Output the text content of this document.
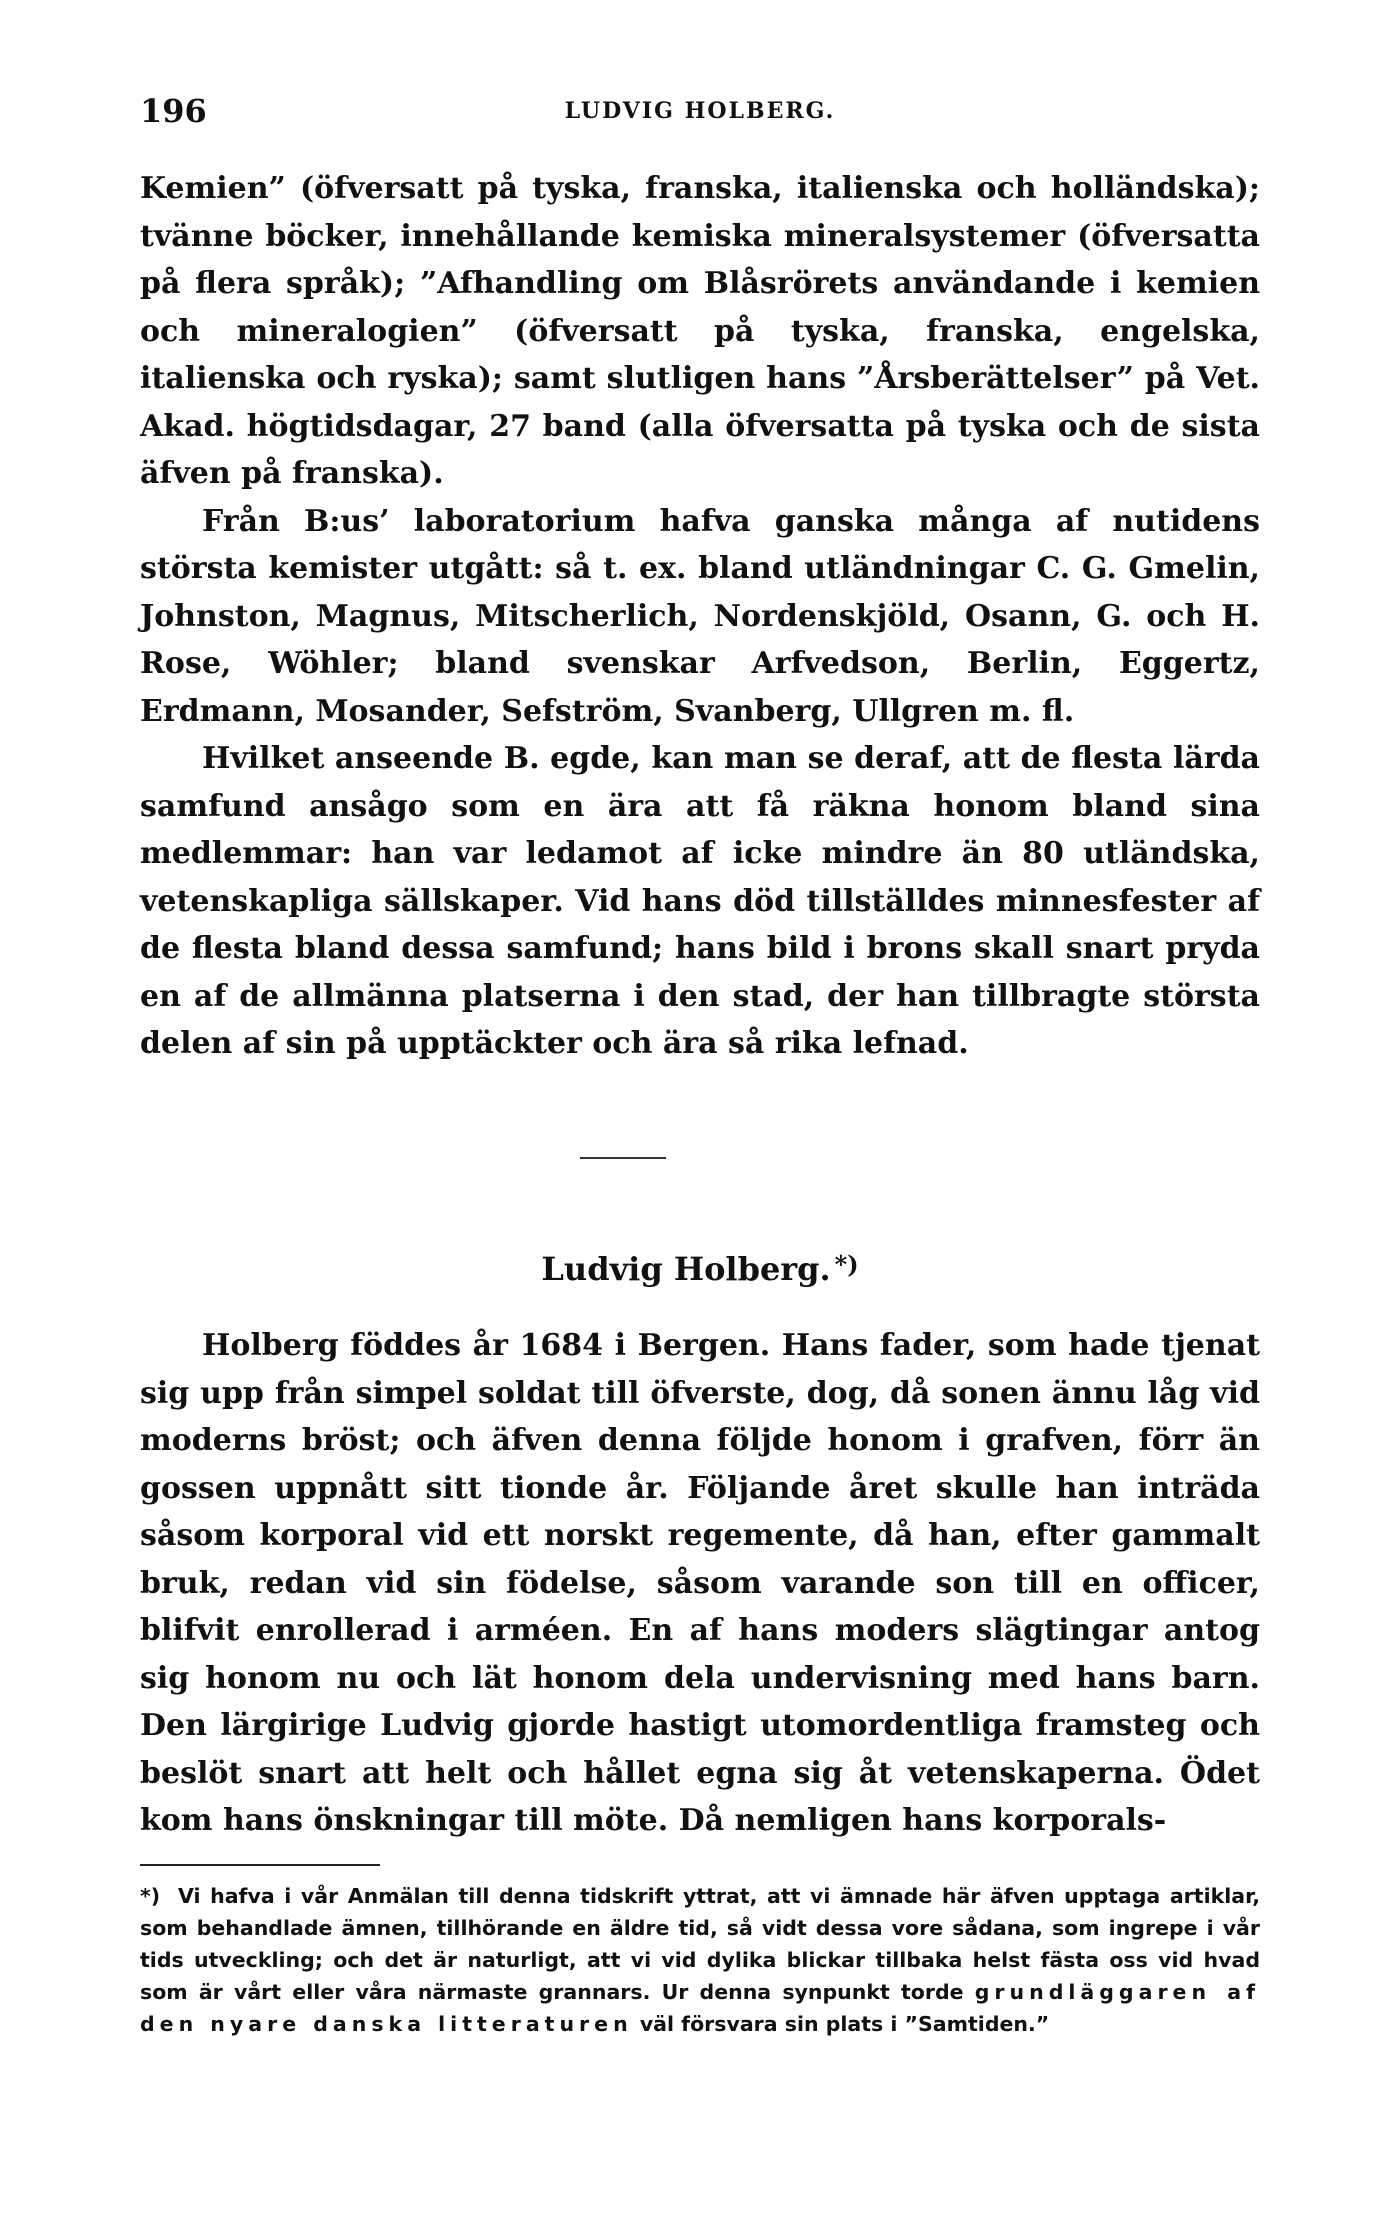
196	LUDVIG HOLBERG.

Kemien” (öfversatt på tyska, franska, italienska och holländska); tvänne böcker, innehållande kemiska mineralsystemer (öfversatta på flera språk); ”Afhandling om Blåsrörets användande i kemien och mineralogien” (öfversatt på tyska, franska, engelska, italienska och ryska); samt slutligen hans ”Årsberättelser” på Vet. Akad. högtidsdagar, 27 band (alla öfversatta på tyska och de sista äfven på franska).

Från B:us’ laboratorium hafva ganska många af nutidens största kemister utgått: så t. ex. bland utländningar C. G. Gmelin, Johnston, Magnus, Mitscherlich, Nordenskjöld, Osann, G. och H. Rose, Wöhler; bland svenskar Arfvedson, Berlin, Eggertz, Erdmann, Mosander, Sefström, Svanberg, Ullgren m. fl.

Hvilket anseende B. egde, kan man se deraf, att de flesta lärda samfund ansågo som en ära att få räkna honom bland sina medlemmar: han var ledamot af icke mindre än 80 utländska, vetenskapliga sällskaper. Vid hans död tillställdes minnesfester af de flesta bland dessa samfund; hans bild i brons skall snart pryda en af de allmänna platserna i den stad, der han tillbragte största delen af sin på upptäckter och ära så rika lefnad.

Ludvig Holberg. *)

Holberg föddes år 1684 i Bergen. Hans fader, som hade tjenat sig upp från simpel soldat till öfverste, dog, då sonen ännu låg vid moderns bröst; och äfven denna följde honom i grafven, förr än gossen uppnått sitt tionde år. Följande året skulle han inträda såsom korporal vid ett norskt regemente, då han, efter gammalt bruk, redan vid sin födelse, såsom varande son till en officer, blifvit enrollerad i arméen. En af hans moders slägtingar antog sig honom nu och lät honom dela undervisning med hans barn. Den lärgirige Ludvig gjorde hastigt utomordentliga framsteg och beslöt snart att helt och hållet egna sig åt vetenskaperna. Ödet kom hans önskningar till möte. Då nemligen hans korporals-

*) Vi hafva i vår Anmälan till denna tidskrift yttrat, att vi ämnade här äfven upptaga artiklar, som behandlade ämnen, tillhörande en äldre tid, så vidt dessa vore sådana, som ingrepe i vår tids utveckling; och det är naturligt, att vi vid dylika blickar tillbaka helst fästa oss vid hvad som är vårt eller våra närmaste grannars. Ur denna synpunkt torde grundläggaren af den nyare danska litteraturen väl försvara sin plats i ”Samtiden.”
